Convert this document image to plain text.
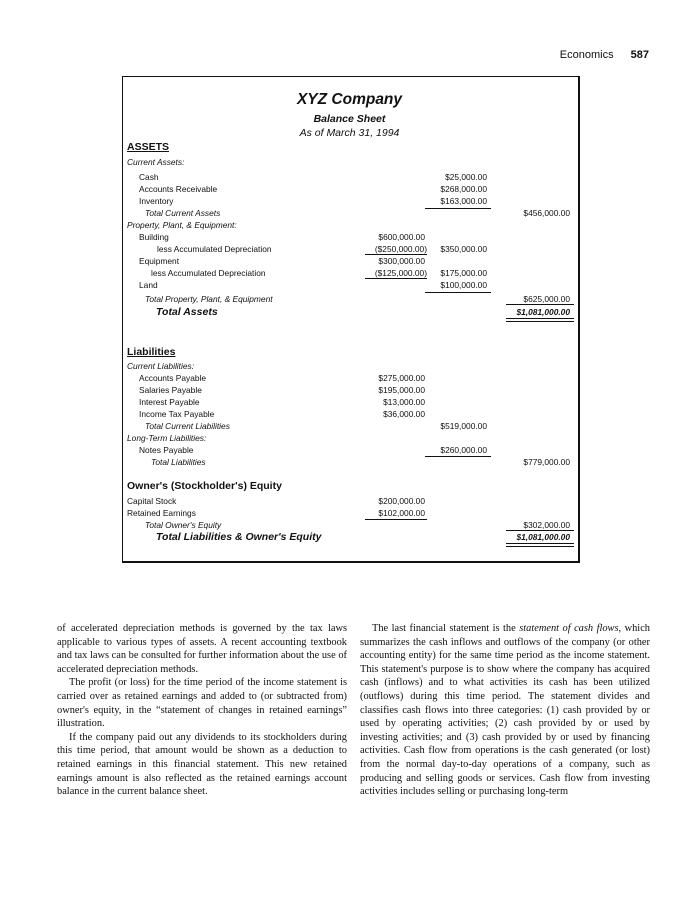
Economics 587
XYZ Company
Balance Sheet
As of March 31, 1994
ASSETS
Current Assets:
Cash	$25,000.00
Accounts Receivable	$268,000.00
Inventory	$163,000.00
Total Current Assets	$456,000.00
Property, Plant, & Equipment:
Building	$600,000.00
less Accumulated Depreciation	($250,000.00) $350,000.00
Equipment	$300,000.00
less Accumulated Depreciation	($125,000.00) $175,000.00
Land	$100,000.00
Total Property, Plant, & Equipment	$625,000.00
Total Assets	$1,081,000.00
Liabilities
Current Liabilities:
Accounts Payable	$275,000.00
Salaries Payable	$195,000.00
Interest Payable	$13,000.00
Income Tax Payable	$36,000.00
Total Current Liabilities	$519,000.00
Long-Term Liabilities:
Notes Payable	$260,000.00
Total Liabilities	$779,000.00
Owner's (Stockholder's) Equity
Capital Stock	$200,000.00
Retained Earnings	$102,000.00
Total Owner's Equity	$302,000.00
Total Liabilities & Owner's Equity	$1,081,000.00

of accelerated depreciation methods is governed by the tax laws applicable to various types of assets. A recent accounting textbook and tax laws can be consulted for further information about the use of accelerated depreciation methods.

The profit (or loss) for the time period of the income statement is carried over as retained earnings and added to (or subtracted from) owner's equity, in the “statement of changes in retained earnings” illustration.

If the company paid out any dividends to its stockholders during this time period, that amount would be shown as a deduction to retained earnings in this financial statement. This new retained earnings amount is also reflected as the retained earnings account balance in the current balance sheet.

The last financial statement is the statement of cash flows, which summarizes the cash inflows and outflows of the company (or other accounting entity) for the same time period as the income statement. This statement's purpose is to show where the company has acquired cash (inflows) and to what activities its cash has been utilized (outflows) during this time period. The statement divides and classifies cash flows into three categories: (1) cash provided by or used by operating activities; (2) cash provided by or used by investing activities; and (3) cash provided by or used by financing activities. Cash flow from operations is the cash generated (or lost) from the normal day-to-day operations of a company, such as producing and selling goods or services. Cash flow from investing activities includes selling or purchasing long-term
